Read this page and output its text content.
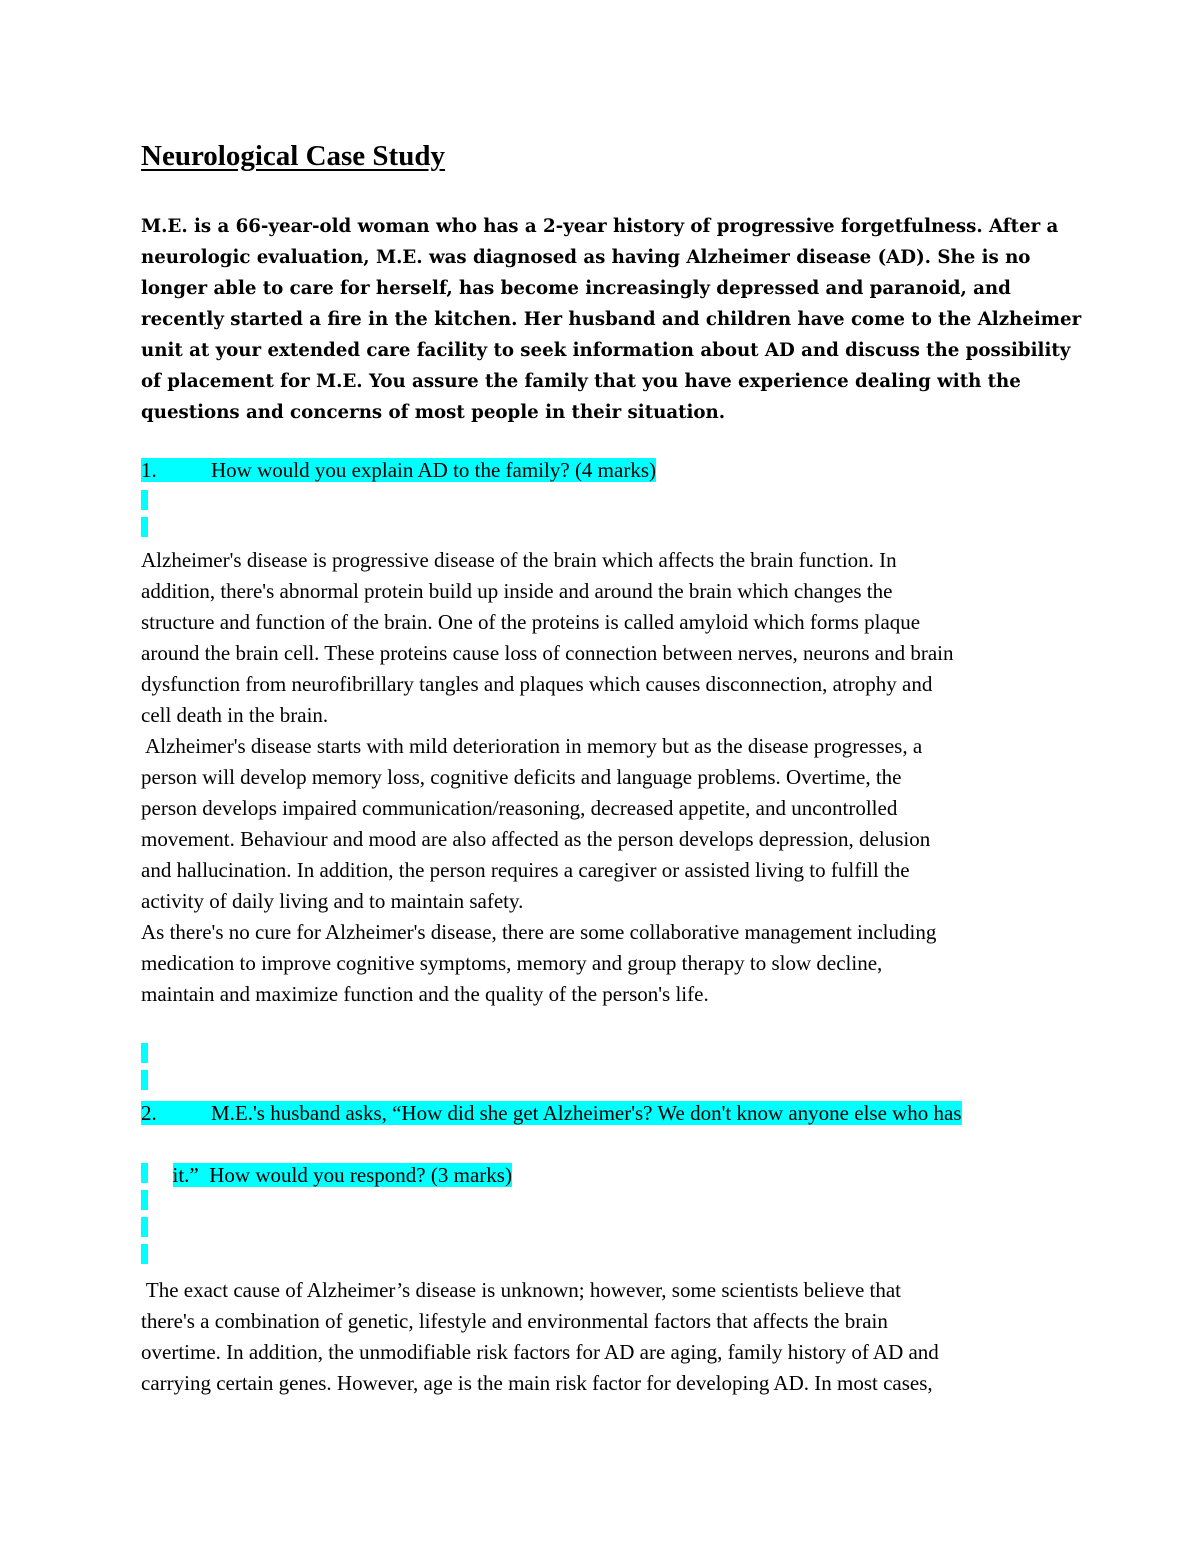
Neurological Case Study
M.E. is a 66-year-old woman who has a 2-year history of progressive forgetfulness. After a
neurologic evaluation, M.E. was diagnosed as having Alzheimer disease (AD). She is no
longer able to care for herself, has become increasingly depressed and paranoid, and
recently started a fire in the kitchen. Her husband and children have come to the Alzheimer
unit at your extended care facility to seek information about AD and discuss the possibility
of placement for M.E. You assure the family that you have experience dealing with the
questions and concerns of most people in their situation.
1.	How would you explain AD to the family? (4 marks)
Alzheimer's disease is progressive disease of the brain which affects the brain function. In
addition, there's abnormal protein build up inside and around the brain which changes the
structure and function of the brain. One of the proteins is called amyloid which forms plaque
around the brain cell. These proteins cause loss of connection between nerves, neurons and brain
dysfunction from neurofibrillary tangles and plaques which causes disconnection, atrophy and
cell death in the brain.
Alzheimer's disease starts with mild deterioration in memory but as the disease progresses, a
person will develop memory loss, cognitive deficits and language problems. Overtime, the
person develops impaired communication/reasoning, decreased appetite, and uncontrolled
movement. Behaviour and mood are also affected as the person develops depression, delusion
and hallucination. In addition, the person requires a caregiver or assisted living to fulfill the
activity of daily living and to maintain safety.
As there's no cure for Alzheimer's disease, there are some collaborative management including
medication to improve cognitive symptoms, memory and group therapy to slow decline,
maintain and maximize function and the quality of the person's life.
2.	M.E.'s husband asks, “How did she get Alzheimer's? We don't know anyone else who has

it.”  How would you respond? (3 marks)

The exact cause of Alzheimer’s disease is unknown; however, some scientists believe that
there's a combination of genetic, lifestyle and environmental factors that affects the brain
overtime. In addition, the unmodifiable risk factors for AD are aging, family history of AD and
carrying certain genes. However, age is the main risk factor for developing AD. In most cases,
